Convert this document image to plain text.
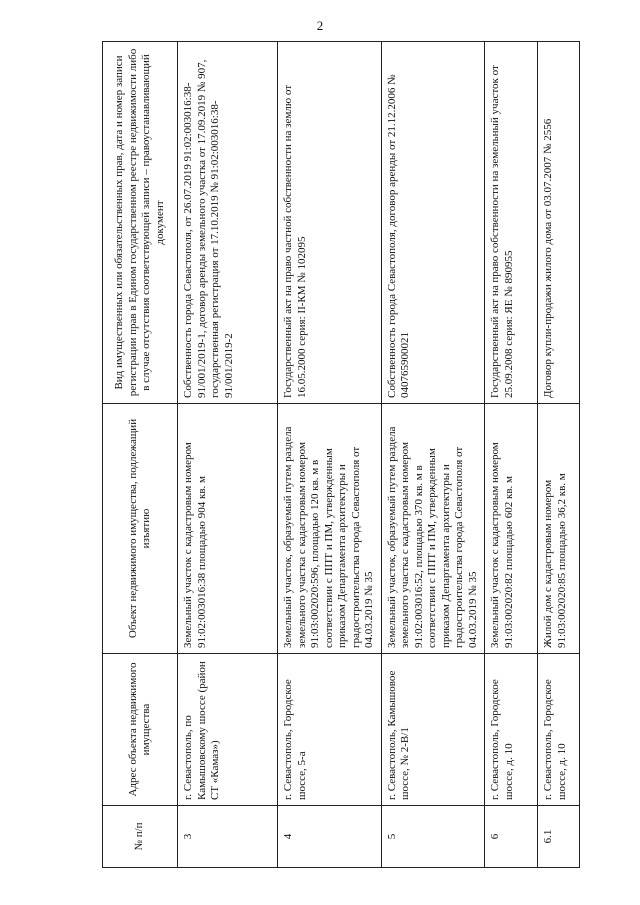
2
№ п/п	Адрес объекта недвижимого имущества	Объект недвижимого имущества, подлежащий изъятию	Вид имущественных или обязательственных прав, дата и номер записи регистрации прав в Едином государственном реестре недвижимости либо в случае отсутствия соответствующей записи – правоустанавливающий документ
3	г. Севастополь, по Камышовскому шоссе (район СТ «Камаз»)	Земельный участок с кадастровым номером 91:02:003016:38 площадью 904 кв. м	Собственность города Севастополя, от 26.07.2019 91:02:003016:38-91/001/2019-1, договор аренды земельного участка от 17.09.2019 № 907, государственная регистрация от 17.10.2019 № 91:02:003016:38-91/001/2019-2
4	г. Севастополь, Городское шоссе, 5-а	Земельный участок, образуемый путем раздела земельного участка с кадастровым номером 91:03:002020:596, площадью 120 кв. м в соответствии с ППТ и ПМ, утвержденным приказом Департамента архитектуры и градостроительства города Севастополя от 04.03.2019 № 35	Государственный акт на право частной собственности на землю от 16.05.2000 серия: II-КМ № 102095
5	г. Севастополь, Камышовое шоссе, № 2-В/1	Земельный участок, образуемый путем раздела земельного участка с кадастровым номером 91:02:003016:52, площадью 370 кв. м в соответствии с ППТ и ПМ, утвержденным приказом Департамента архитектуры и градостроительства города Севастополя от 04.03.2019 № 35	Собственность города Севастополя, договор аренды от 21.12.2006 № 040765900021
6	г. Севастополь, Городское шоссе, д. 10	Земельный участок с кадастровым номером 91:03:002020:82 площадью 602 кв. м	Государственный акт на право собственности на земельный участок от 25.09.2008 серия: ЯЕ № 890955
6.1	г. Севастополь, Городское шоссе, д. 10	Жилой дом с кадастровым номером 91:03:002020:85 площадью 36,2 кв. м	Договор купли-продажи жилого дома от 03.07.2007 № 2556
